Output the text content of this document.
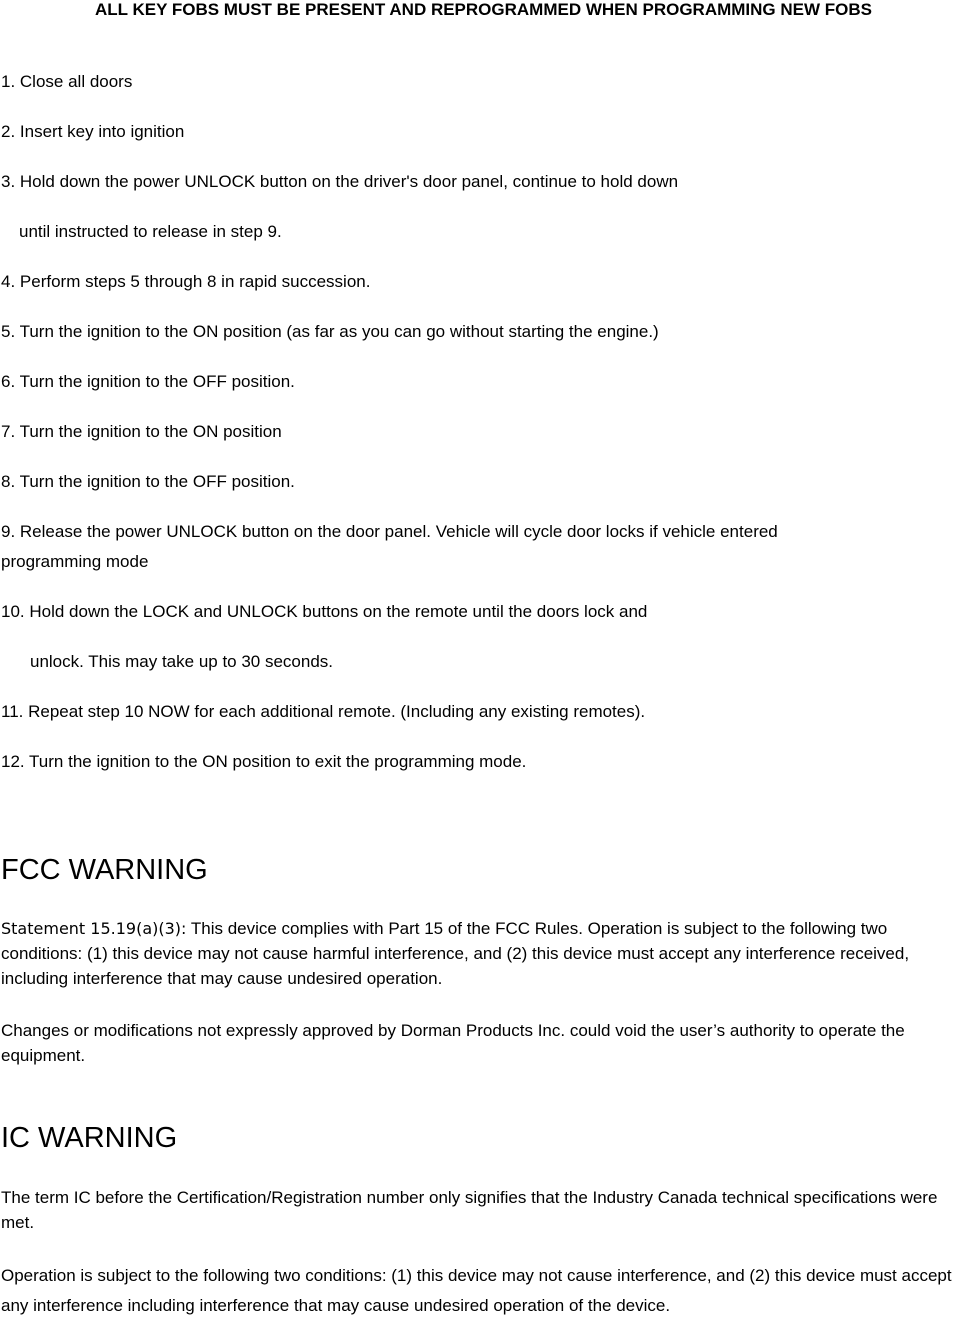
ALL KEY FOBS MUST BE PRESENT AND REPROGRAMMED WHEN PROGRAMMING NEW FOBS

1. Close all doors

2. Insert key into ignition

3. Hold down the power UNLOCK button on the driver's door panel, continue to hold down

until instructed to release in step 9.

4. Perform steps 5 through 8 in rapid succession.

5. Turn the ignition to the ON position (as far as you can go without starting the engine.)

6. Turn the ignition to the OFF position.

7. Turn the ignition to the ON position

8. Turn the ignition to the OFF position.

9. Release the power UNLOCK button on the door panel. Vehicle will cycle door locks if vehicle entered

programming mode

10. Hold down the LOCK and UNLOCK buttons on the remote until the doors lock and

unlock. This may take up to 30 seconds.

11. Repeat step 10 NOW for each additional remote. (Including any existing remotes).

12. Turn the ignition to the ON position to exit the programming mode.

FCC WARNING

Statement 15.19(a)(3): This device complies with Part 15 of the FCC Rules. Operation is subject to the following two conditions: (1) this device may not cause harmful interference, and (2) this device must accept any interference received, including interference that may cause undesired operation.

Changes or modifications not expressly approved by Dorman Products Inc. could void the user’s authority to operate the equipment.

IC WARNING

The term IC before the Certification/Registration number only signifies that the Industry Canada technical specifications were met.

Operation is subject to the following two conditions: (1) this device may not cause interference, and (2) this device must accept any interference including interference that may cause undesired operation of the device.
